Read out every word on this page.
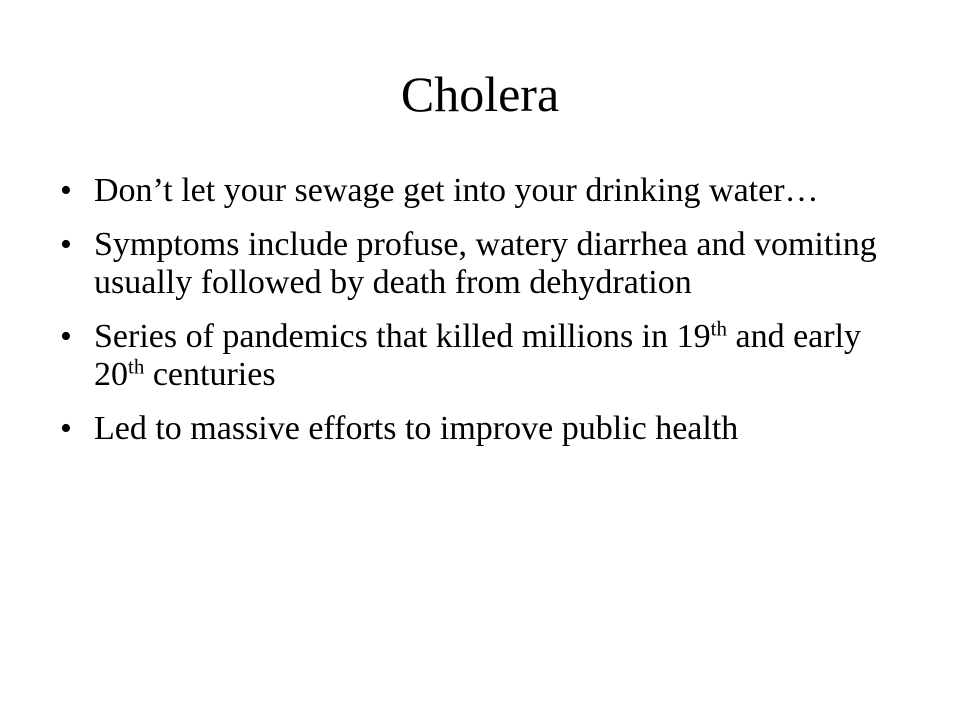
Cholera
• Don’t let your sewage get into your drinking water…
• Symptoms include profuse, watery diarrhea and vomiting usually followed by death from dehydration
• Series of pandemics that killed millions in 19th and early 20th centuries
• Led to massive efforts to improve public health
